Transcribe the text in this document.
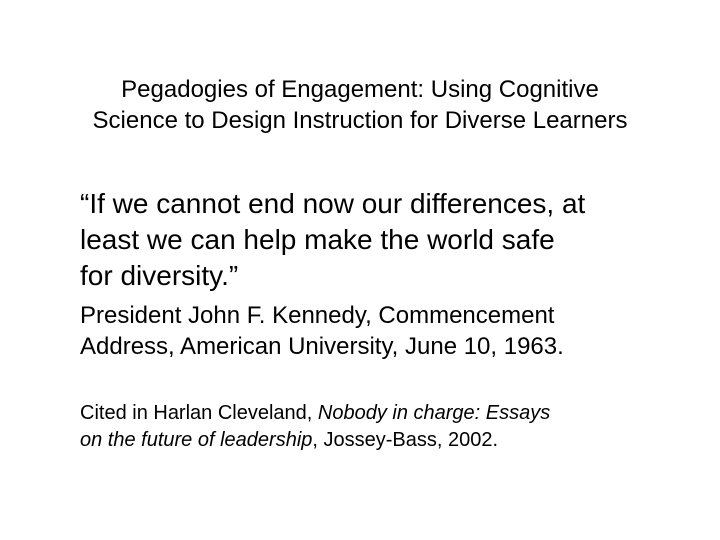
Pegadogies of Engagement: Using Cognitive
Science to Design Instruction for Diverse Learners
“If we cannot end now our differences, at
least we can help make the world safe
for diversity.”
President John F. Kennedy, Commencement
Address, American University, June 10, 1963.
Cited in Harlan Cleveland, Nobody in charge: Essays
on the future of leadership, Jossey-Bass, 2002.
